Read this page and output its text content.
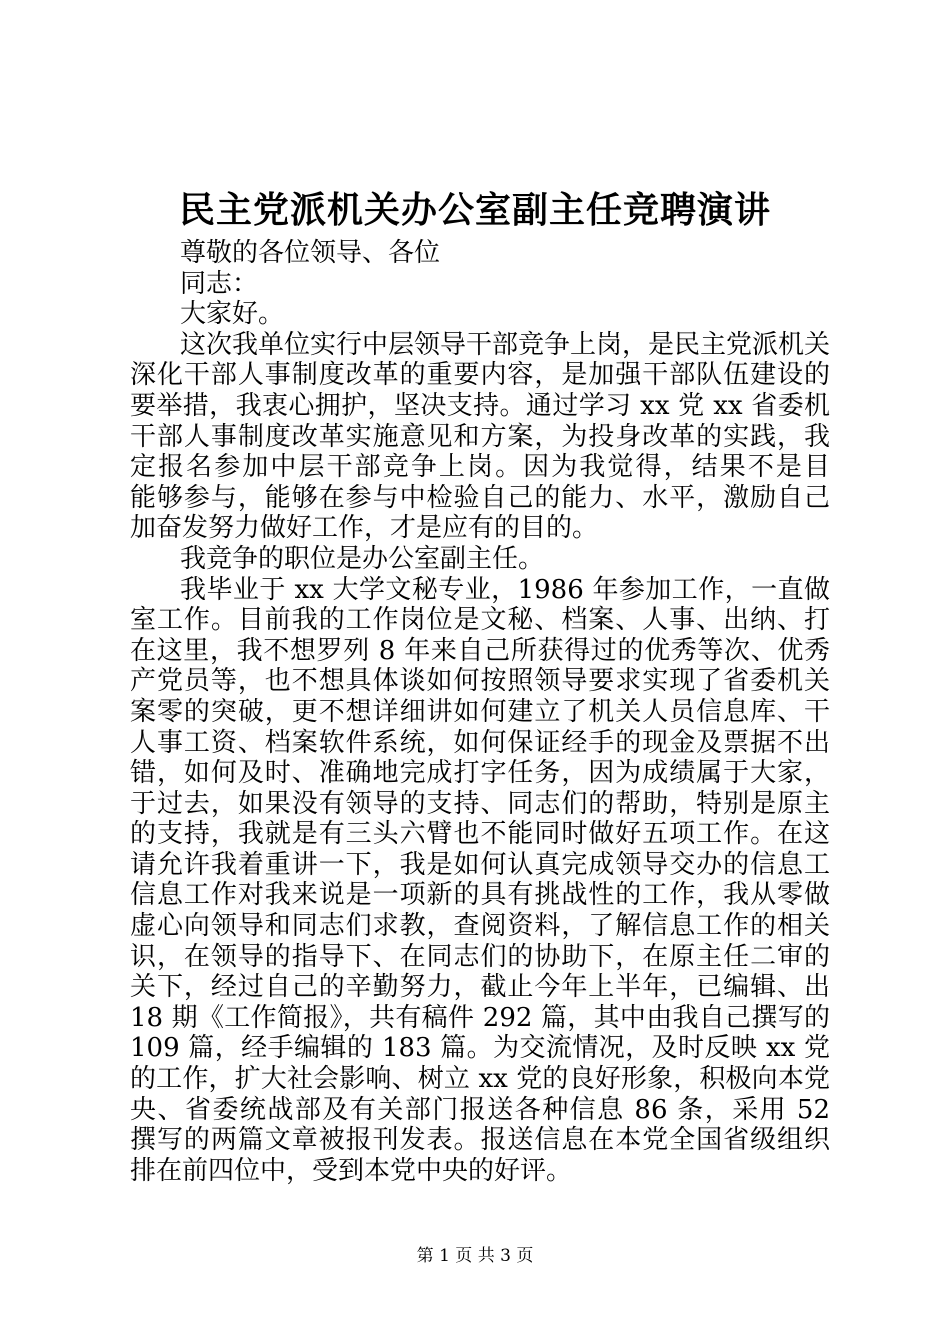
民主党派机关办公室副主任竞聘演讲
尊敬的各位领导、各位
同志：
大家好。
这次我单位实行中层领导干部竞争上岗，是民主党派机关
深化干部人事制度改革的重要内容，是加强干部队伍建设的
要举措，我衷心拥护，坚决支持。通过学习 xx 党 xx 省委机
干部人事制度改革实施意见和方案，为投身改革的实践，我
定报名参加中层干部竞争上岗。因为我觉得，结果不是目
能够参与，能够在参与中检验自己的能力、水平，激励自己
加奋发努力做好工作，才是应有的目的。
我竞争的职位是办公室副主任。
我毕业于 xx 大学文秘专业，1986 年参加工作，一直做
室工作。目前我的工作岗位是文秘、档案、人事、出纳、打
在这里，我不想罗列 8 年来自己所获得过的优秀等次、优秀
产党员等，也不想具体谈如何按照领导要求实现了省委机关
案零的突破，更不想详细讲如何建立了机关人员信息库、干
人事工资、档案软件系统，如何保证经手的现金及票据不出
错，如何及时、准确地完成打字任务，因为成绩属于大家，
于过去，如果没有领导的支持、同志们的帮助，特别是原主
的支持，我就是有三头六臂也不能同时做好五项工作。在这
请允许我着重讲一下，我是如何认真完成领导交办的信息工
信息工作对我来说是一项新的具有挑战性的工作，我从零做
虚心向领导和同志们求教，查阅资料，了解信息工作的相关
识，在领导的指导下、在同志们的协助下，在原主任二审的
关下，经过自己的辛勤努力，截止今年上半年，已编辑、出
18 期《工作简报》，共有稿件 292 篇，其中由我自己撰写的
109 篇，经手编辑的 183 篇。为交流情况，及时反映 xx 党
的工作，扩大社会影响、树立 xx 党的良好形象，积极向本党
央、省委统战部及有关部门报送各种信息 86 条，采用 52
撰写的两篇文章被报刊发表。报送信息在本党全国省级组织
排在前四位中，受到本党中央的好评。
第 1 页 共 3 页
